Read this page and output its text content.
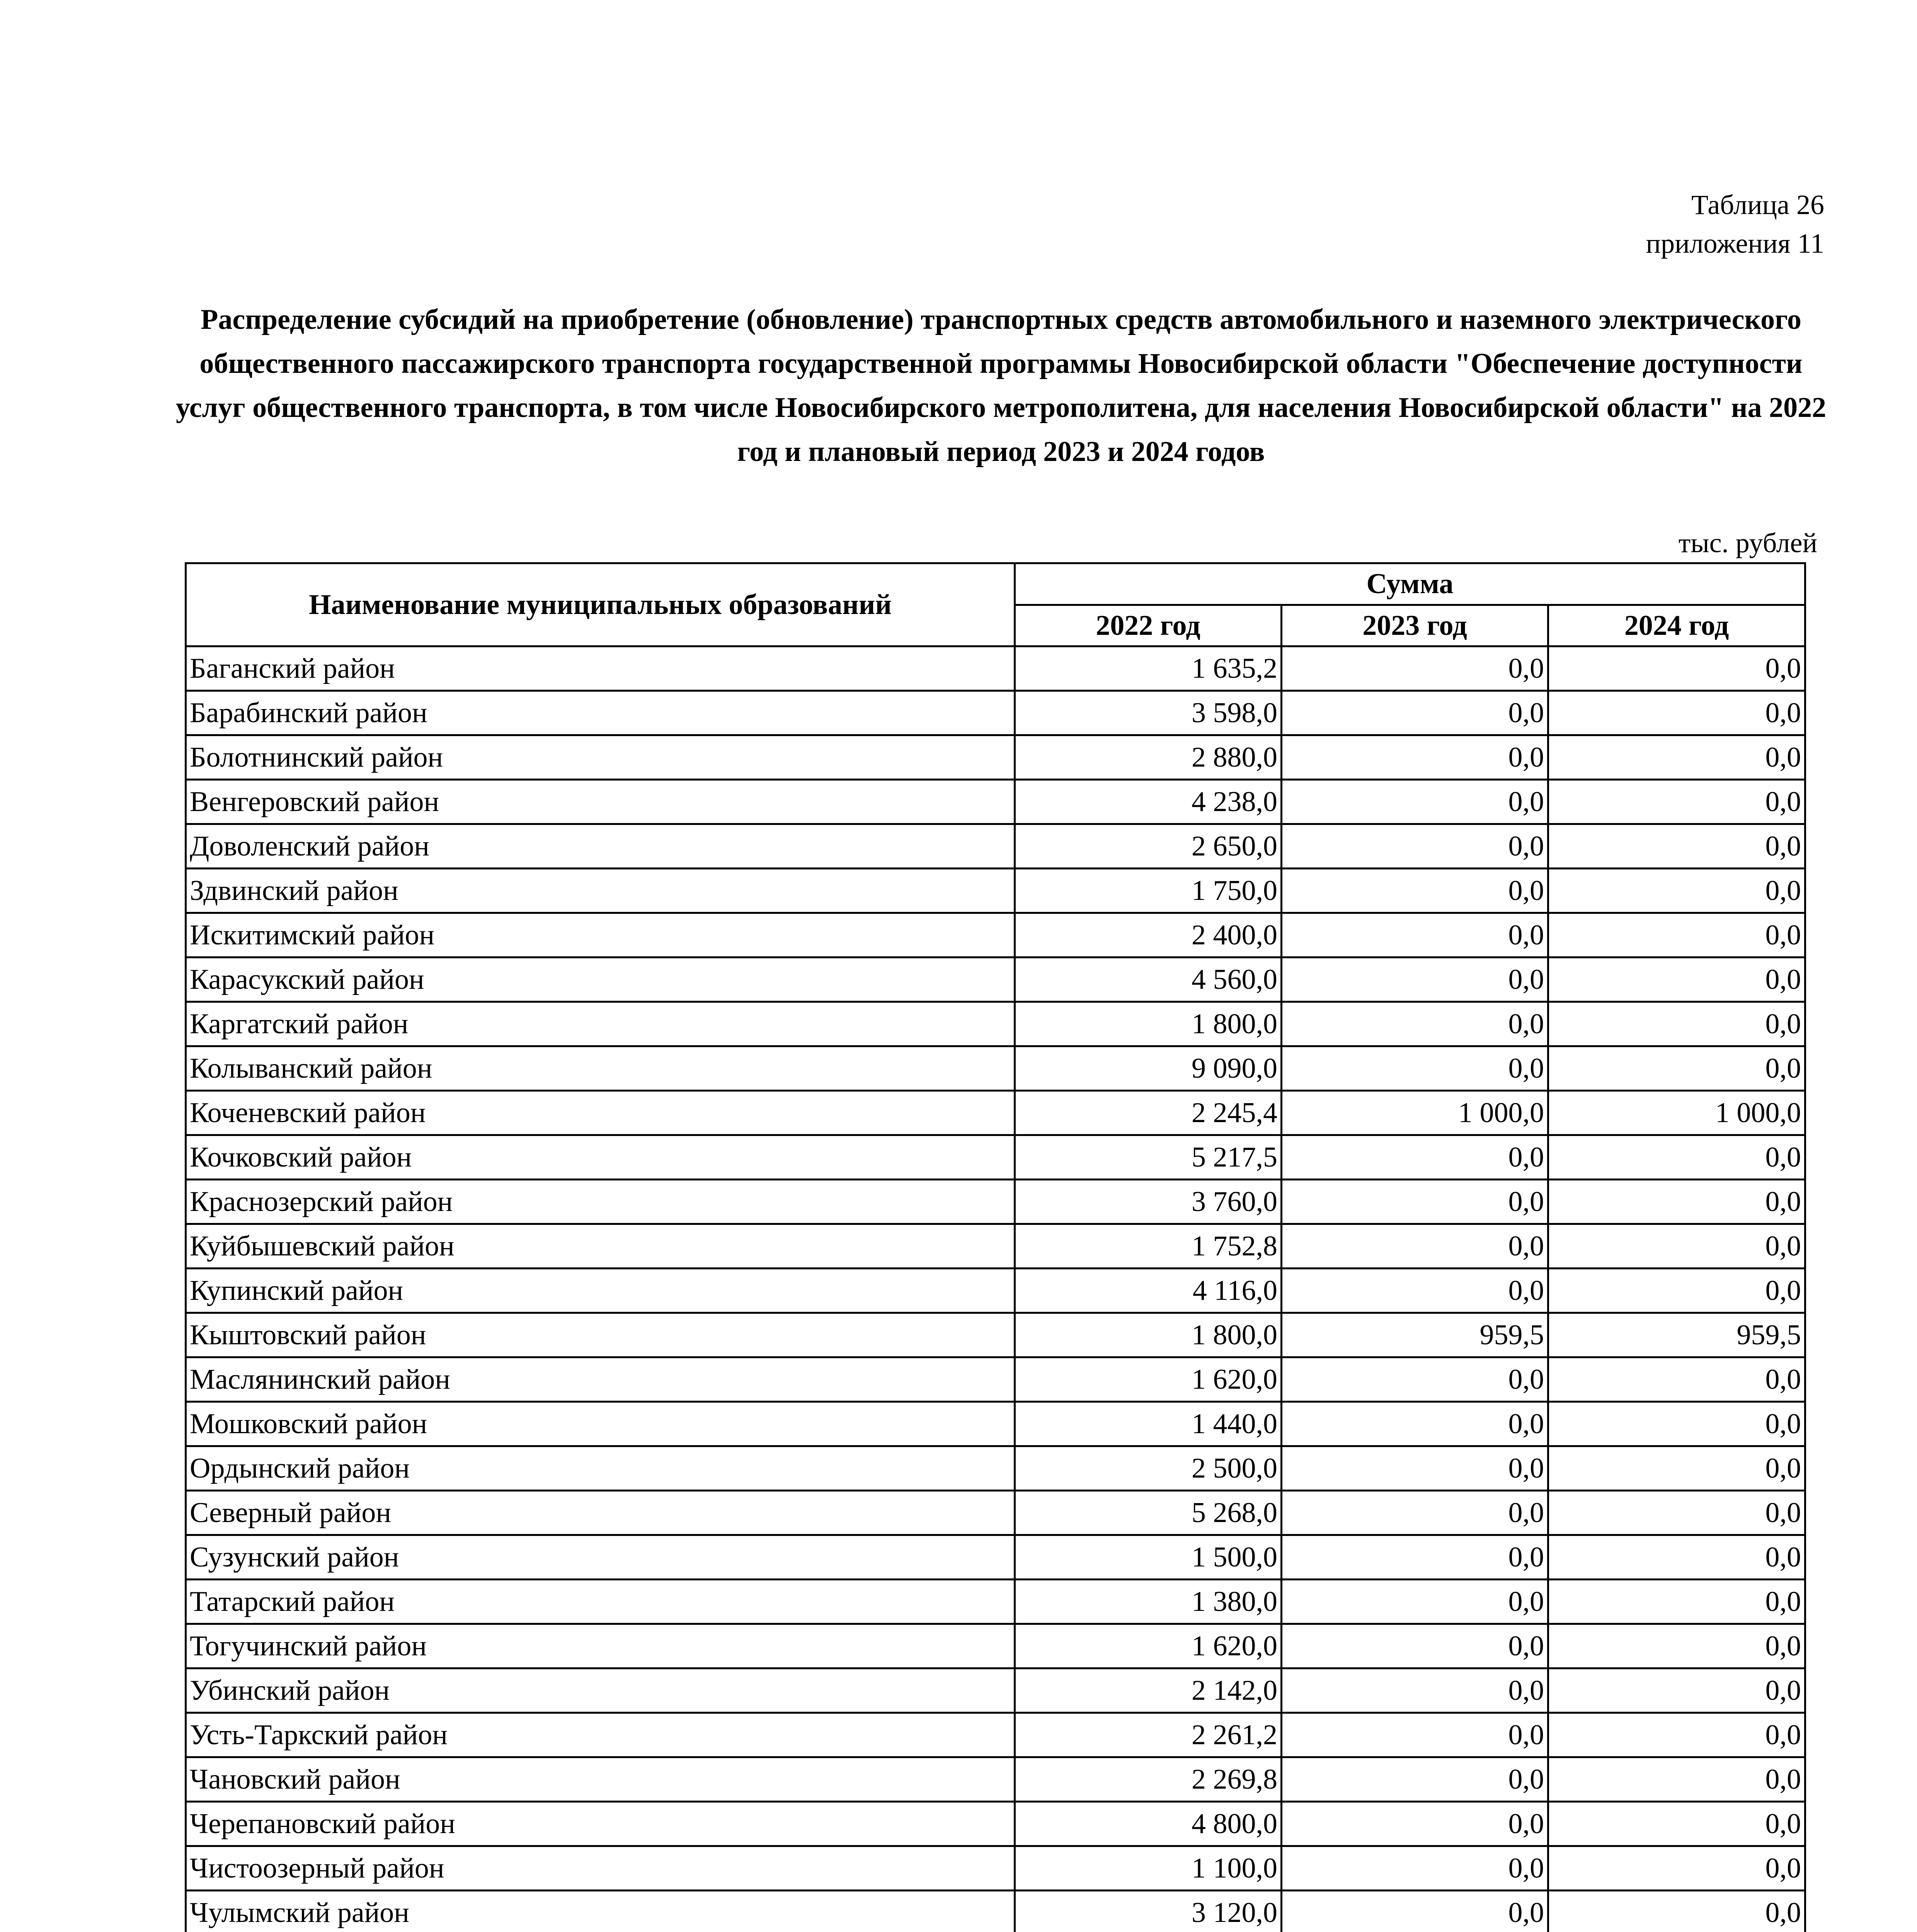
Таблица 26
приложения 11
Распределение субсидий на приобретение (обновление) транспортных средств автомобильного и наземного электрического общественного пассажирского транспорта государственной программы Новосибирской области "Обеспечение доступности услуг общественного транспорта, в том числе Новосибирского метрополитена, для населения Новосибирской области" на 2022 год и плановый период 2023 и 2024 годов
тыс. рублей
Наименование муниципальных образований	Сумма		
	2022 год	2023 год	2024 год
Баганский район	1 635,2	0,0	0,0
Барабинский район	3 598,0	0,0	0,0
Болотнинский район	2 880,0	0,0	0,0
Венгеровский район	4 238,0	0,0	0,0
Доволенский район	2 650,0	0,0	0,0
Здвинский район	1 750,0	0,0	0,0
Искитимский район	2 400,0	0,0	0,0
Карасукский район	4 560,0	0,0	0,0
Каргатский район	1 800,0	0,0	0,0
Колыванский район	9 090,0	0,0	0,0
Коченевский район	2 245,4	1 000,0	1 000,0
Кочковский район	5 217,5	0,0	0,0
Краснозерский район	3 760,0	0,0	0,0
Куйбышевский район	1 752,8	0,0	0,0
Купинский район	4 116,0	0,0	0,0
Кыштовский район	1 800,0	959,5	959,5
Маслянинский район	1 620,0	0,0	0,0
Мошковский район	1 440,0	0,0	0,0
Ордынский район	2 500,0	0,0	0,0
Северный район	5 268,0	0,0	0,0
Сузунский район	1 500,0	0,0	0,0
Татарский район	1 380,0	0,0	0,0
Тогучинский район	1 620,0	0,0	0,0
Убинский район	2 142,0	0,0	0,0
Усть-Таркский район	2 261,2	0,0	0,0
Чановский район	2 269,8	0,0	0,0
Черепановский район	4 800,0	0,0	0,0
Чистоозерный район	1 100,0	0,0	0,0
Чулымский район	3 120,0	0,0	0,0
